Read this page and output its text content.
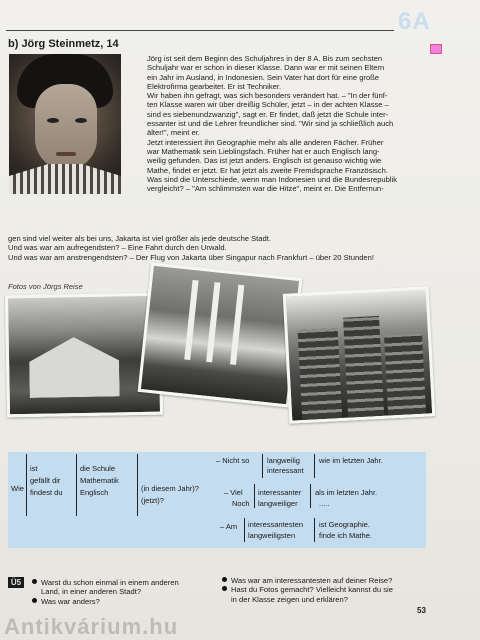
6A
b) Jörg Steinmetz, 14

Jörg ist seit dem Beginn des Schuljahres in der 8 A. Bis zum sechsten

Schuljahr war er schon in dieser Klasse. Dann war er mit seinen Eltern

ein Jahr im Ausland, in Indonesien. Sein Vater hat dort für eine große

Elektrofirma gearbeitet. Er ist Techniker.

Wir haben ihn gefragt, was sich besonders verändert hat. – "In der fünf-

ten Klasse waren wir über dreißig Schüler, jetzt – in der achten Klasse –

sind es siebenundzwanzig", sagt er. Er findet, daß jetzt die Schule inter-

essanter ist und die Lehrer freundlicher sind. "Wir sind ja schließlich auch

älter!", meint er.

Jetzt interessiert ihn Geographie mehr als alle anderen Fächer. Früher

war Mathematik sein Lieblingsfach. Früher hat er auch Englisch lang-

weilig gefunden. Das ist jetzt anders. Englisch ist genauso wichtig wie

Mathe, findet er jetzt. Er hat jetzt als zweite Fremdsprache Französisch.

Was sind die Unterschiede, wenn man Indonesien und die Bundesrepublik

vergleicht? – "Am schlimmsten war die Hitze", meint er. Die Entfernun-

gen sind viel weiter als bei uns, Jakarta ist viel größer als jede deutsche Stadt.

Und was war am aufregendsten? – Eine Fahrt durch den Urwald.

Und was war am anstrengendsten? – Der Flug von Jakarta über Singapur nach Frankfurt – über 20 Stunden!

Fotos von Jörgs Reise
Wie
ist
gefällt dir
findest du
die Schule
Mathematik
Englisch	(in diesem Jahr)?
(jetzt)?
– Nicht so langweilig
interessant
wie im letzten Jahr.
– Viel
Noch
interessanter
langweiliger
als im letzten Jahr.
.....
– Am interessantesten
langweiligsten
ist Geographie.
finde ich Mathe.
Ü5	Warst du schon einmal in einem anderen
Land, in einer anderen Stadt?
Was war anders?
Was war am interessantesten auf deiner Reise?
Hast du Fotos gemacht? Vielleicht kannst du sie
in der Klasse zeigen und erklären?
53
Antikvárium.hu
